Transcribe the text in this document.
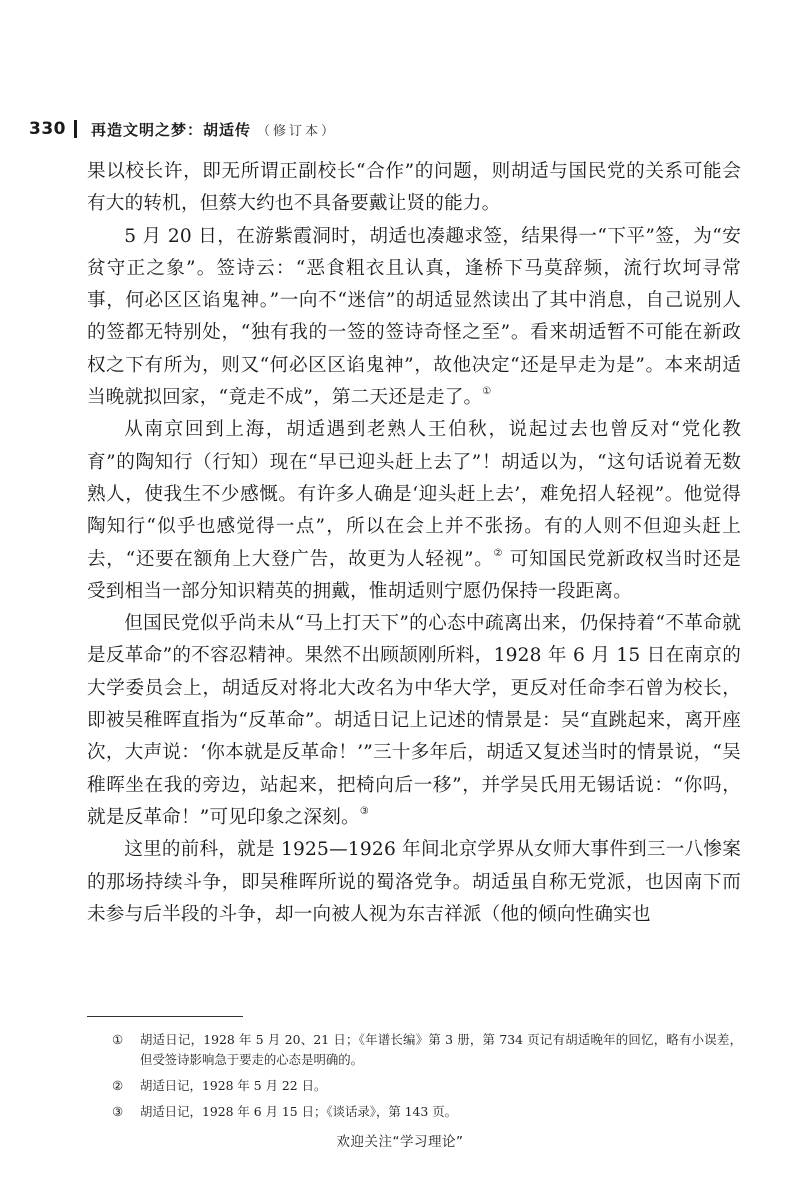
330 再造文明之梦：胡适传 （修订本）

果以校长许，即无所谓正副校长“合作”的问题，则胡适与国民党的关系可能会有大的转机，但蔡大约也不具备要戴让贤的能力。

5 月 20 日，在游紫霞洞时，胡适也凑趣求签，结果得一“下平”签，为“安贫守正之象”。签诗云：“恶食粗衣且认真，逢桥下马莫辞频，流行坎坷寻常事，何必区区谄鬼神。”一向不“迷信”的胡适显然读出了其中消息，自己说别人的签都无特别处，“独有我的一签的签诗奇怪之至”。看来胡适暂不可能在新政权之下有所为，则又“何必区区谄鬼神”，故他决定“还是早走为是”。本来胡适当晚就拟回家，“竟走不成”，第二天还是走了。①

从南京回到上海，胡适遇到老熟人王伯秋，说起过去也曾反对“党化教育”的陶知行（行知）现在“早已迎头赶上去了”！胡适以为，“这句话说着无数熟人，使我生不少感慨。有许多人确是‘迎头赶上去’，难免招人轻视”。他觉得陶知行“似乎也感觉得一点”，所以在会上并不张扬。有的人则不但迎头赶上去，“还要在额角上大登广告，故更为人轻视”。② 可知国民党新政权当时还是受到相当一部分知识精英的拥戴，惟胡适则宁愿仍保持一段距离。

但国民党似乎尚未从“马上打天下”的心态中疏离出来，仍保持着“不革命就是反革命”的不容忍精神。果然不出顾颉刚所料，1928 年 6 月 15 日在南京的大学委员会上，胡适反对将北大改名为中华大学，更反对任命李石曾为校长，即被吴稚晖直指为“反革命”。胡适日记上记述的情景是：吴“直跳起来，离开座次，大声说：‘你本就是反革命！’”三十多年后，胡适又复述当时的情景说，“吴稚晖坐在我的旁边，站起来，把椅向后一移”，并学吴氏用无锡话说：“你吗，就是反革命！”可见印象之深刻。③

这里的前科，就是 1925—1926 年间北京学界从女师大事件到三一八惨案的那场持续斗争，即吴稚晖所说的蜀洛党争。胡适虽自称无党派，也因南下而未参与后半段的斗争，却一向被人视为东吉祥派（他的倾向性确实也

①	胡适日记，1928 年 5 月 20、21 日；《年谱长编》第 3 册，第 734 页记有胡适晚年的回忆，略有小误差，但受签诗影响急于要走的心态是明确的。
②	胡适日记，1928 年 5 月 22 日。
③	胡适日记，1928 年 6 月 15 日；《谈话录》，第 143 页。
欢迎关注“学习理论”
